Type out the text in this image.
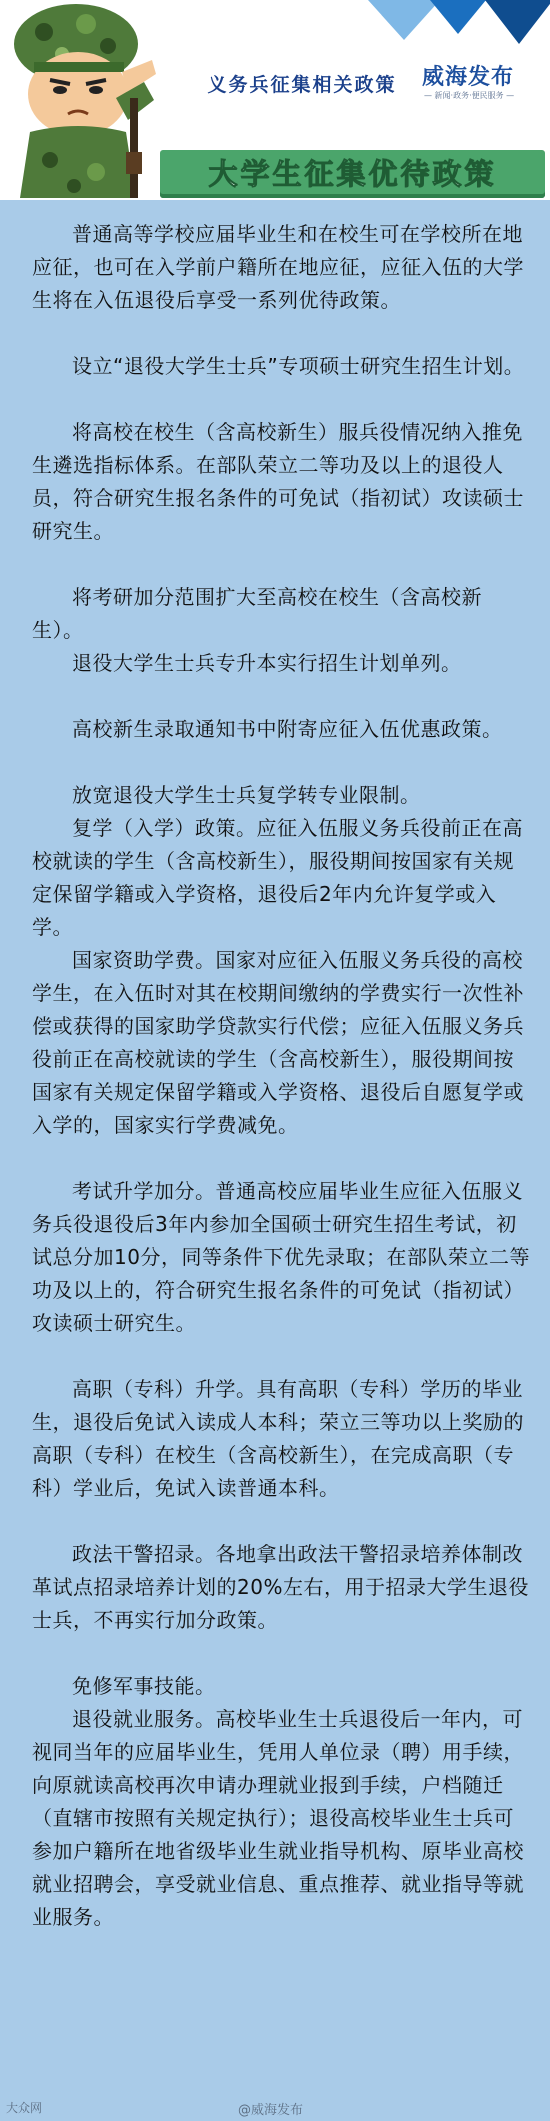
义务兵征集相关政策	威海发布
— 新闻·政务·便民服务 —
大学生征集优待政策
普通高等学校应届毕业生和在校生可在学校所在地应征，也可在入学前户籍所在地应征，应征入伍的大学生将在入伍退役后享受一系列优待政策。
设立“退役大学生士兵”专项硕士研究生招生计划。
将高校在校生（含高校新生）服兵役情况纳入推免生遴选指标体系。在部队荣立二等功及以上的退役人员，符合研究生报名条件的可免试（指初试）攻读硕士研究生。
将考研加分范围扩大至高校在校生（含高校新生）。
退役大学生士兵专升本实行招生计划单列。
高校新生录取通知书中附寄应征入伍优惠政策。
放宽退役大学生士兵复学转专业限制。
复学（入学）政策。应征入伍服义务兵役前正在高校就读的学生（含高校新生），服役期间按国家有关规定保留学籍或入学资格，退役后2年内允许复学或入学。
国家资助学费。国家对应征入伍服义务兵役的高校学生，在入伍时对其在校期间缴纳的学费实行一次性补偿或获得的国家助学贷款实行代偿；应征入伍服义务兵役前正在高校就读的学生（含高校新生），服役期间按国家有关规定保留学籍或入学资格、退役后自愿复学或入学的，国家实行学费减免。
考试升学加分。普通高校应届毕业生应征入伍服义务兵役退役后3年内参加全国硕士研究生招生考试，初试总分加10分，同等条件下优先录取；在部队荣立二等功及以上的，符合研究生报名条件的可免试（指初试）攻读硕士研究生。
高职（专科）升学。具有高职（专科）学历的毕业生，退役后免试入读成人本科；荣立三等功以上奖励的高职（专科）在校生（含高校新生），在完成高职（专科）学业后，免试入读普通本科。
政法干警招录。各地拿出政法干警招录培养体制改革试点招录培养计划的20%左右，用于招录大学生退役士兵，不再实行加分政策。
免修军事技能。
退役就业服务。高校毕业生士兵退役后一年内，可视同当年的应届毕业生，凭用人单位录（聘）用手续，向原就读高校再次申请办理就业报到手续，户档随迁（直辖市按照有关规定执行）；退役高校毕业生士兵可参加户籍所在地省级毕业生就业指导机构、原毕业高校就业招聘会，享受就业信息、重点推荐、就业指导等就业服务。
大众网	@威海发布
